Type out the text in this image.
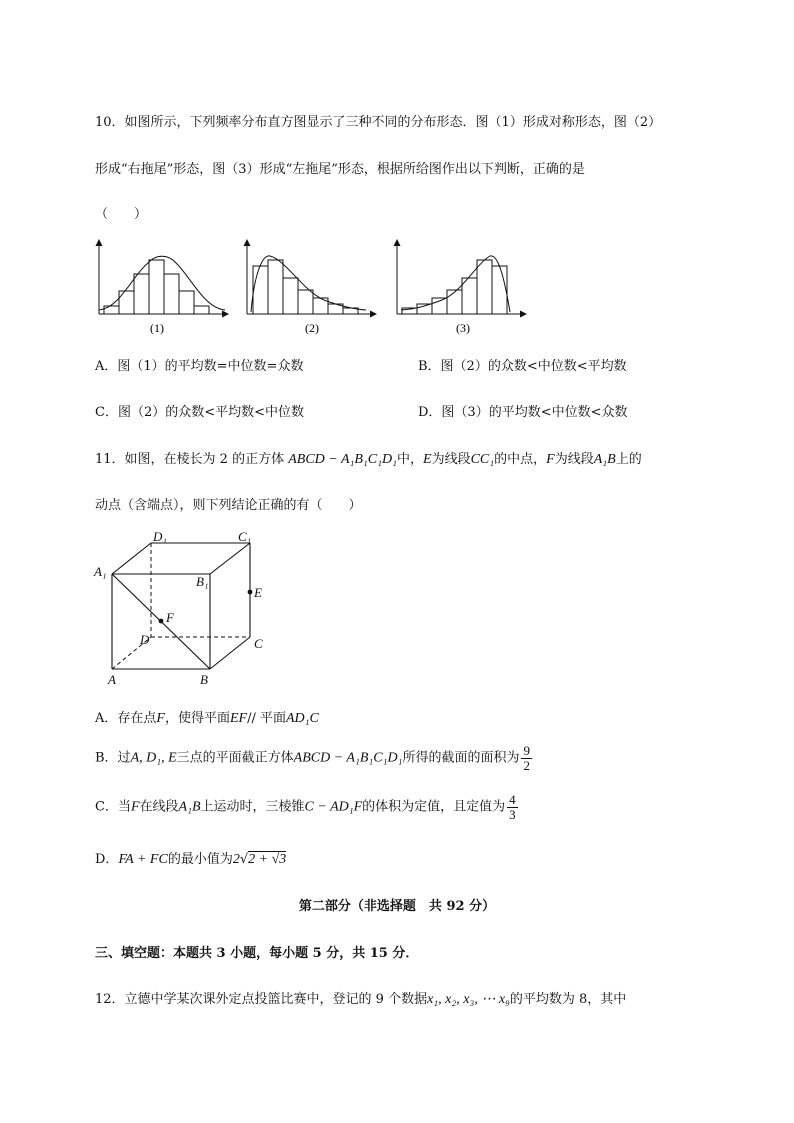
10．如图所示，下列频率分布直方图显示了三种不同的分布形态．图（1）形成对称形态，图（2）
形成“右拖尾”形态，图（3）形成“左拖尾”形态，根据所给图作出以下判断，正确的是
（　　）
(1)	(2)	(3)
A．图（1）的平均数=中位数=众数	B．图（2）的众数<中位数<平均数
C．图（2）的众数<平均数<中位数	D．图（3）的平均数<中位数<众数
11．如图，在棱长为 2 的正方体 ABCD − A₁B₁C₁D₁中，E为线段CC₁的中点，F为线段A₁B上的
动点（含端点），则下列结论正确的有（　　）
D₁	C₁
A₁
B₁
E
F
D	C
A	B
A．存在点F，使得平面EF// 平面AD₁C
B．过A, D₁, E三点的平面截正方体ABCD − A₁B₁C₁D₁所得的截面的面积为 $\frac{9}{2}$
C．当F在线段A₁B上运动时，三棱锥C − AD₁F的体积为定值，且定值为 $\frac{4}{3}$
D．FA + FC的最小值为2√2 + √3
第二部分（非选择题　共 92 分）
三、填空题：本题共 3 小题，每小题 5 分，共 15 分．
12．立德中学某次课外定点投篮比赛中，登记的 9 个数据x₁, x₂, x₃, ⋯ x₉的平均数为 8，其中
